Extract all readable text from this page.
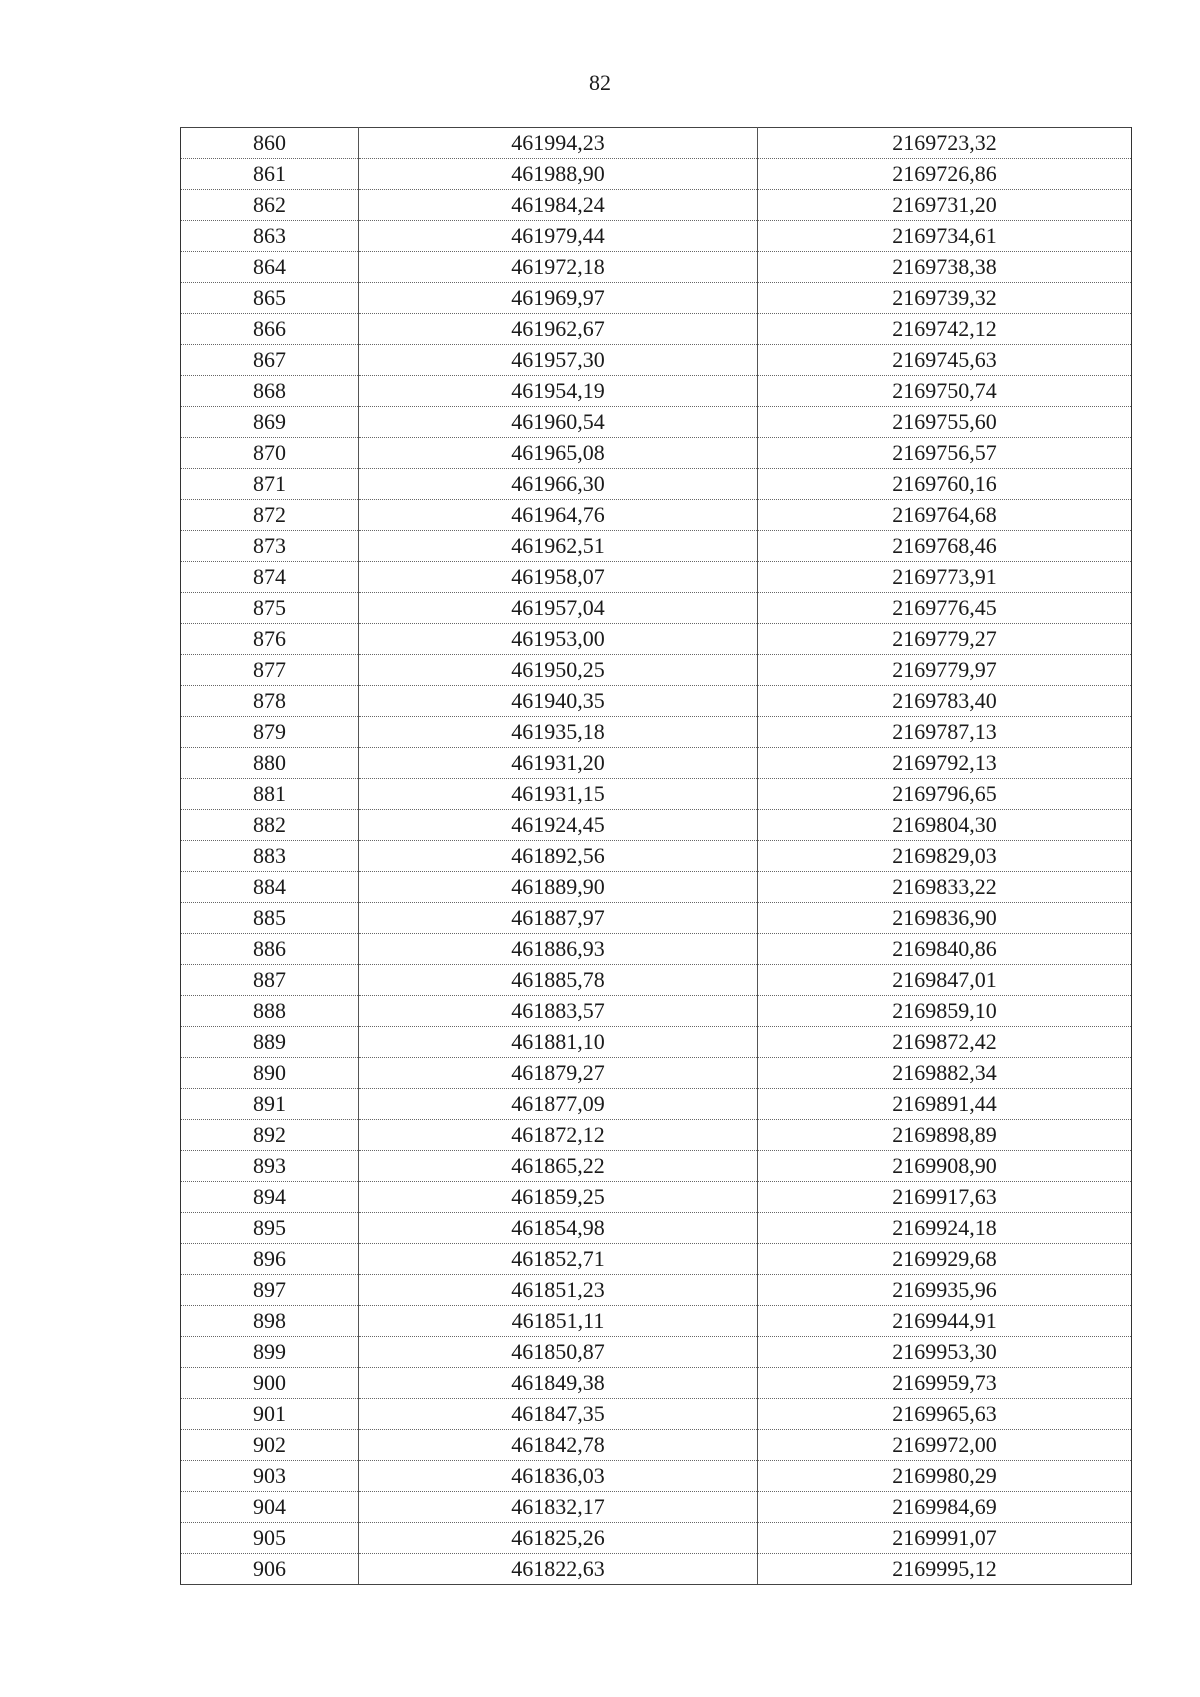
82
860	461994,23	2169723,32
861	461988,90	2169726,86
862	461984,24	2169731,20
863	461979,44	2169734,61
864	461972,18	2169738,38
865	461969,97	2169739,32
866	461962,67	2169742,12
867	461957,30	2169745,63
868	461954,19	2169750,74
869	461960,54	2169755,60
870	461965,08	2169756,57
871	461966,30	2169760,16
872	461964,76	2169764,68
873	461962,51	2169768,46
874	461958,07	2169773,91
875	461957,04	2169776,45
876	461953,00	2169779,27
877	461950,25	2169779,97
878	461940,35	2169783,40
879	461935,18	2169787,13
880	461931,20	2169792,13
881	461931,15	2169796,65
882	461924,45	2169804,30
883	461892,56	2169829,03
884	461889,90	2169833,22
885	461887,97	2169836,90
886	461886,93	2169840,86
887	461885,78	2169847,01
888	461883,57	2169859,10
889	461881,10	2169872,42
890	461879,27	2169882,34
891	461877,09	2169891,44
892	461872,12	2169898,89
893	461865,22	2169908,90
894	461859,25	2169917,63
895	461854,98	2169924,18
896	461852,71	2169929,68
897	461851,23	2169935,96
898	461851,11	2169944,91
899	461850,87	2169953,30
900	461849,38	2169959,73
901	461847,35	2169965,63
902	461842,78	2169972,00
903	461836,03	2169980,29
904	461832,17	2169984,69
905	461825,26	2169991,07
906	461822,63	2169995,12
